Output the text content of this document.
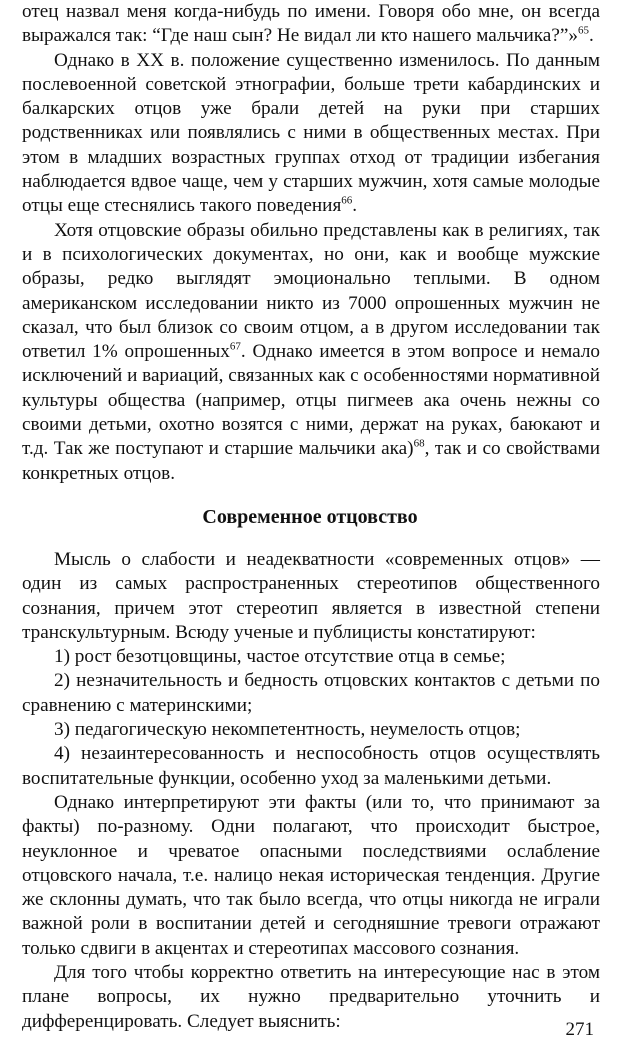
отец назвал меня когда-нибудь по имени. Говоря обо мне, он всегда выражался так: “Где наш сын? Не видал ли кто нашего мальчика?”»$^{65}$.

Однако в XX в. положение существенно изменилось. По данным послевоенной советской этнографии, больше трети кабардинских и балкарских отцов уже брали детей на руки при старших родственниках или появлялись с ними в общественных местах. При этом в младших возрастных группах отход от традиции избегания наблюдается вдвое чаще, чем у старших мужчин, хотя самые молодые отцы еще стеснялись такого поведения$^{66}$.

Хотя отцовские образы обильно представлены как в религиях, так и в психологических документах, но они, как и вообще мужские образы, редко выглядят эмоционально теплыми. В одном американском исследовании никто из 7000 опрошенных мужчин не сказал, что был близок со своим отцом, а в другом исследовании так ответил 1% опрошенных$^{67}$. Однако имеется в этом вопросе и немало исключений и вариаций, связанных как с особенностями нормативной культуры общества (например, отцы пигмеев ака очень нежны со своими детьми, охотно возятся с ними, держат на руках, баюкают и т.д. Так же поступают и старшие мальчики ака)$^{68}$, так и со свойствами конкретных отцов.

Современное отцовство

Мысль о слабости и неадекватности «современных отцов» — один из самых распространенных стереотипов общественного сознания, причем этот стереотип является в известной степени транскультурным. Всюду ученые и публицисты констатируют:

1) рост безотцовщины, частое отсутствие отца в семье;

2) незначительность и бедность отцовских контактов с детьми по сравнению с материнскими;

3) педагогическую некомпетентность, неумелость отцов;

4) незаинтересованность и неспособность отцов осуществлять воспитательные функции, особенно уход за маленькими детьми.

Однако интерпретируют эти факты (или то, что принимают за факты) по-разному. Одни полагают, что происходит быстрое, неуклонное и чреватое опасными последствиями ослабление отцовского начала, т.е. налицо некая историческая тенденция. Другие же склонны думать, что так было всегда, что отцы никогда не играли важной роли в воспитании детей и сегодняшние тревоги отражают только сдвиги в акцентах и стереотипах массового сознания.

Для того чтобы корректно ответить на интересующие нас в этом плане вопросы, их нужно предварительно уточнить и дифференцировать. Следует выяснить:	271
